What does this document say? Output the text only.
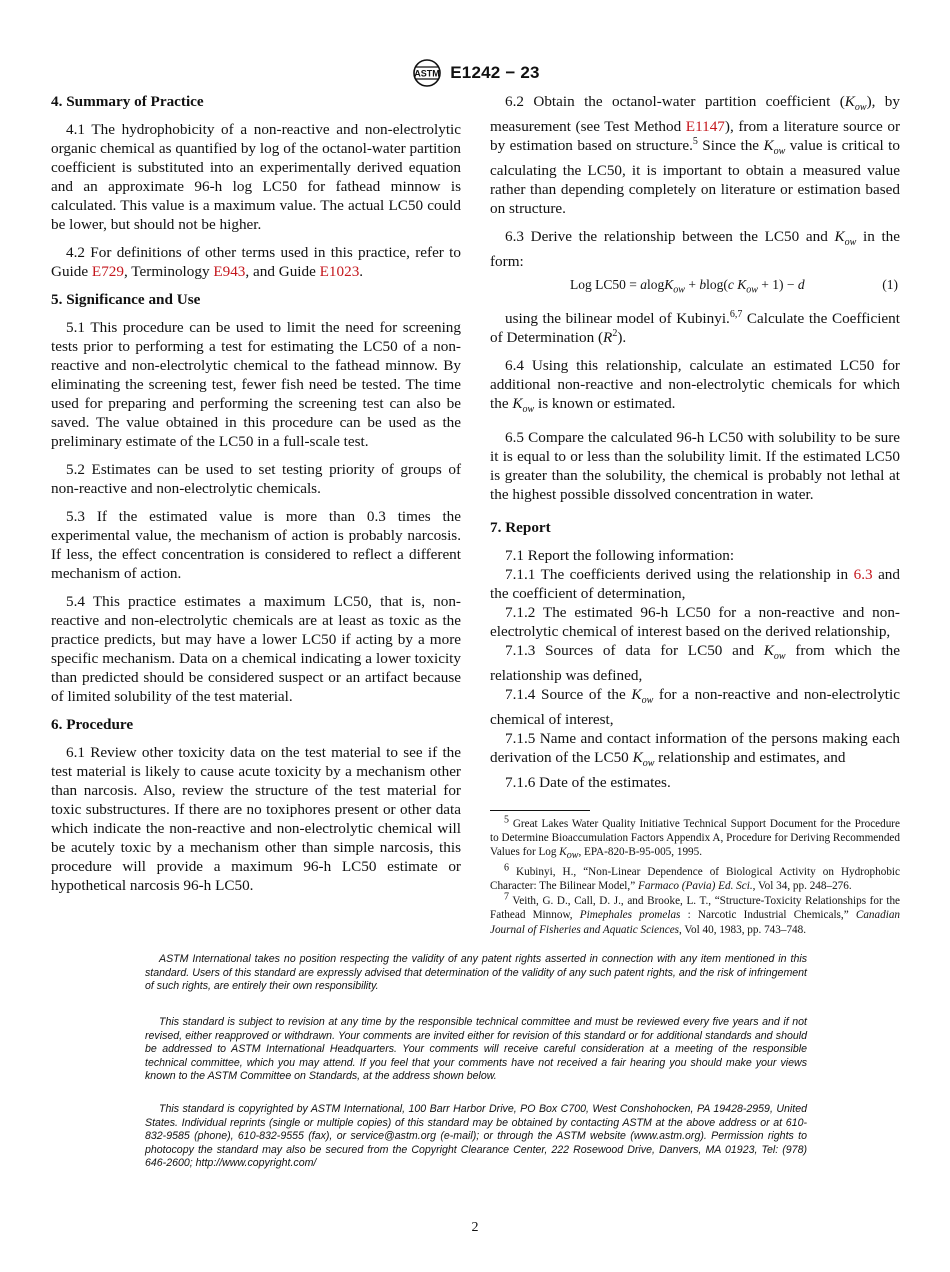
ASTM E1242 − 23
4. Summary of Practice

4.1 The hydrophobicity of a non-reactive and non-electrolytic organic chemical as quantified by log of the octanol-water partition coefficient is substituted into an experimentally derived equation and an approximate 96-h log LC50 for fathead minnow is calculated. This value is a maximum value. The actual LC50 could be lower, but should not be higher.

4.2 For definitions of other terms used in this practice, refer to Guide E729, Terminology E943, and Guide E1023.

5. Significance and Use

5.1 This procedure can be used to limit the need for screening tests prior to performing a test for estimating the LC50 of a non-reactive and non-electrolytic chemical to the fathead minnow. By eliminating the screening test, fewer fish need be tested. The time used for preparing and performing the screening test can also be saved. The value obtained in this procedure can be used as the preliminary estimate of the LC50 in a full-scale test.

5.2 Estimates can be used to set testing priority of groups of non-reactive and non-electrolytic chemicals.

5.3 If the estimated value is more than 0.3 times the experimental value, the mechanism of action is probably narcosis. If less, the effect concentration is considered to reflect a different mechanism of action.

5.4 This practice estimates a maximum LC50, that is, non-reactive and non-electrolytic chemicals are at least as toxic as the practice predicts, but may have a lower LC50 if acting by a more specific mechanism. Data on a chemical indicating a lower toxicity than predicted should be considered suspect or an artifact because of limited solubility of the test material.

6. Procedure

6.1 Review other toxicity data on the test material to see if the test material is likely to cause acute toxicity by a mechanism other than narcosis. Also, review the structure of the test material for toxic substructures. If there are no toxiphores present or other data which indicate the non-reactive and non-electrolytic chemical will be acutely toxic by a mechanism other than simple narcosis, this procedure will provide a maximum 96-h LC50 estimate or hypothetical narcosis 96-h LC50.

6.2 Obtain the octanol-water partition coefficient $(K_{ow})$, by measurement (see Test Method E1147), from a literature source or by estimation based on structure.$^5$ Since the $K_{ow}$ value is critical to calculating the LC50, it is important to obtain a measured value rather than depending completely on literature or estimation based on structure.

6.3 Derive the relationship between the LC50 and $K_{ow}$ in the form:

Log LC50 = alogK$_{ow}$ + blog(c $K_{ow} + 1) - d$	(1)

using the bilinear model of Kubinyi.$^{6,7}$ Calculate the Coefficient of Determination $(R^2)$.

6.4 Using this relationship, calculate an estimated LC50 for additional non-reactive and non-electrolytic chemicals for which the $K_{ow}$ is known or estimated.

6.5 Compare the calculated 96-h LC50 with solubility to be sure it is equal to or less than the solubility limit. If the estimated LC50 is greater than the solubility, the chemical is probably not lethal at the highest possible dissolved concentration in water.

7. Report

7.1 Report the following information:

7.1.1 The coefficients derived using the relationship in 6.3 and the coefficient of determination,

7.1.2 The estimated 96-h LC50 for a non-reactive and non-electrolytic chemical of interest based on the derived relationship,

7.1.3 Sources of data for LC50 and $K_{ow}$ from which the relationship was defined,

7.1.4 Source of the $K_{ow}$ for a non-reactive and non-electrolytic chemical of interest,

7.1.5 Name and contact information of the persons making each derivation of the LC50 $K_{ow}$ relationship and estimates, and

7.1.6 Date of the estimates.

$^5$ Great Lakes Water Quality Initiative Technical Support Document for the Procedure to Determine Bioaccumulation Factors Appendix A, Procedure for Deriving Recommended Values for Log $K_{ow}$, EPA-820-B-95-005, 1995.

$^6$ Kubinyi, H., “Non-Linear Dependence of Biological Activity on Hydrophobic Character: The Bilinear Model,” Farmaco (Pavia) Ed. Sci., Vol 34, pp. 248–276.

$^7$ Veith, G. D., Call, D. J., and Brooke, L. T., “Structure-Toxicity Relationships for the Fathead Minnow, Pimephales promelas : Narcotic Industrial Chemicals,” Canadian Journal of Fisheries and Aquatic Sciences, Vol 40, 1983, pp. 743–748.

ASTM International takes no position respecting the validity of any patent rights asserted in connection with any item mentioned in this standard. Users of this standard are expressly advised that determination of the validity of any such patent rights, and the risk of infringement of such rights, are entirely their own responsibility.

This standard is subject to revision at any time by the responsible technical committee and must be reviewed every five years and if not revised, either reapproved or withdrawn. Your comments are invited either for revision of this standard or for additional standards and should be addressed to ASTM International Headquarters. Your comments will receive careful consideration at a meeting of the responsible technical committee, which you may attend. If you feel that your comments have not received a fair hearing you should make your views known to the ASTM Committee on Standards, at the address shown below.

This standard is copyrighted by ASTM International, 100 Barr Harbor Drive, PO Box C700, West Conshohocken, PA 19428-2959, United States. Individual reprints (single or multiple copies) of this standard may be obtained by contacting ASTM at the above address or at 610-832-9585 (phone), 610-832-9555 (fax), or service@astm.org (e-mail); or through the ASTM website (www.astm.org). Permission rights to photocopy the standard may also be secured from the Copyright Clearance Center, 222 Rosewood Drive, Danvers, MA 01923, Tel: (978) 646-2600; http://www.copyright.com/

2
